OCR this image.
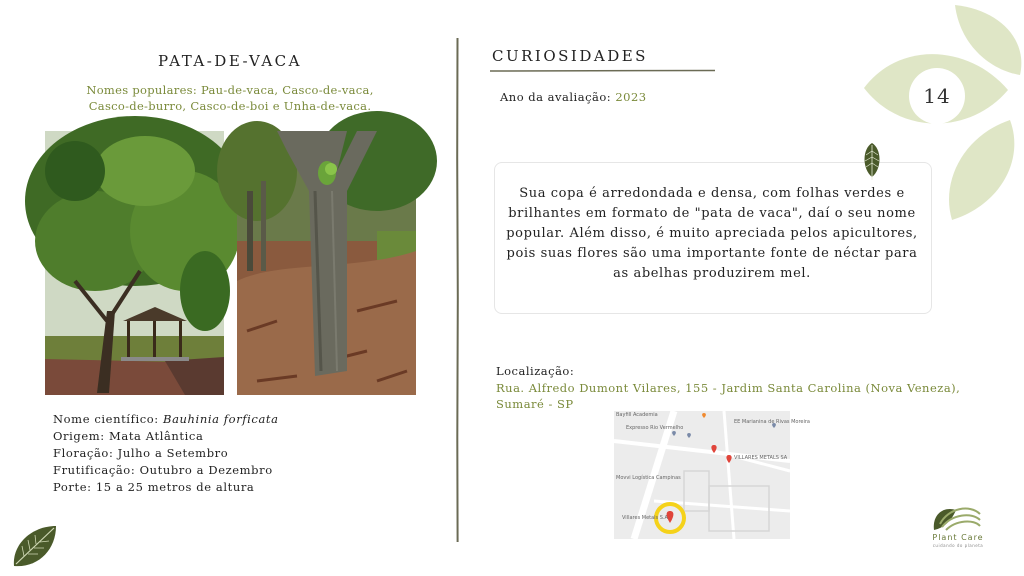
14
PATA-DE-VACA
Nomes populares: Pau-de-vaca, Casco-de-vaca,
Casco-de-burro, Casco-de-boi e Unha-de-vaca.
Nome científico: Bauhinia forficata
Origem: Mata Atlântica
Floração: Julho a Setembro
Frutificação: Outubro a Dezembro
Porte: 15 a 25 metros de altura
CURIOSIDADES
Ano da avaliação: 2023
Sua copa é arredondada e densa, com folhas verdes e brilhantes em formato de "pata de vaca", daí o seu nome popular. Além disso, é muito apreciada pelos apicultores, pois suas flores são uma importante fonte de néctar para as abelhas produzirem mel.
Localização:
Rua. Alfredo Dumont Vilares, 155 - Jardim Santa Carolina (Nova Veneza),
Sumaré - SP
Bayfill Academia
Expresso Rio Vermelho
EE Marianina de Rivas Moreira
VILLARES METALS SA
Movvi Logística Campinas
Villares Metals S.A
Plant Care
cuidando do planeta
